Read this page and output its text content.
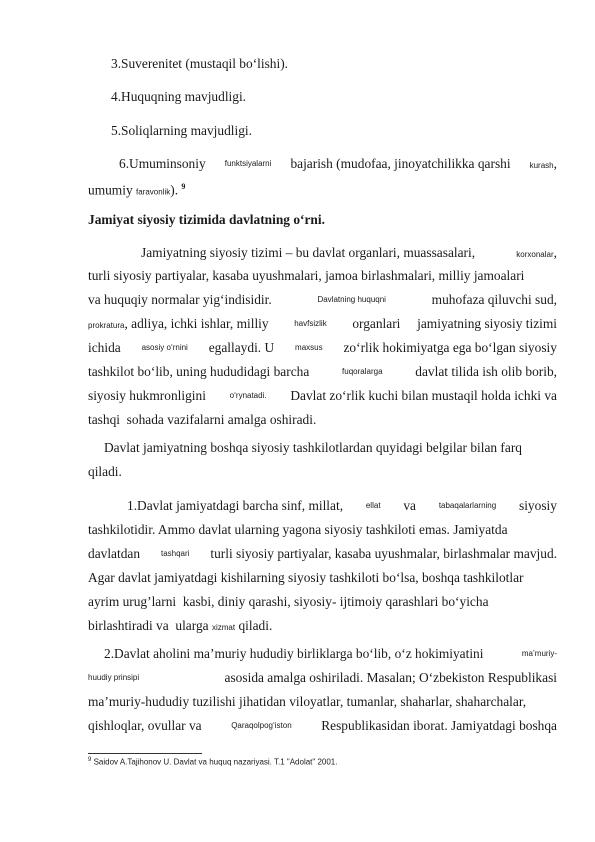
3.Suverenitet (mustaqil bo‘lishi).
4.Huquqning mavjudligi.
5.Soliqlarning mavjudligi.
6.Umuminsoniy funktsiyalarni bajarish (mudofaa, jinoyatchilikka qarshi kurash,
umumiy faravonlik). $^9$
Jamiyat siyosiy tizimida davlatning o‘rni.
Jamiyatning siyosiy tizimi – bu davlat organlari, muassasalari,	korxonalar,
turli siyosiy partiyalar, kasaba uyushmalari, jamoa birlashmalari, milliy jamoalari
va huquqiy normalar yig‘indisidir.	Davlatning huquqni	muhofaza qiluvchi sud,
prokratura, adliya, ichki ishlar, milliy	havfsizlik organlari     jamiyatning siyosiy tizimi
ichida	asosiy o‘rnini egallaydi. U	maxsus zo‘rlik hokimiyatga ega bo‘lgan siyosiy
tashkilot bo‘lib, uning hududidagi barcha	fuqoralarga davlat tilida ish olib borib,
siyosiy hukmronligini	o‘rynatadi. Davlat zo‘rlik kuchi bilan mustaqil holda ichki va
tashqi  sohada vazifalarni amalga oshiradi.
Davlat jamiyatning boshqa siyosiy tashkilotlardan quyidagi belgilar bilan farq
qiladi.
1.Davlat jamiyatdagi barcha sinf, millat,	ellat va	tabaqalarlarning siyosiy
tashkilotidir. Ammo davlat ularning yagona siyosiy tashkiloti emas. Jamiyatda
davlatdan	tashqari turli siyosiy partiyalar, kasaba uyushmalar, birlashmalar mavjud.
Agar davlat jamiyatdagi kishilarning siyosiy tashkiloti bo‘lsa, boshqa tashkilotlar
ayrim urug’larni  kasbi, diniy qarashi, siyosiy- ijtimoiy qarashlari bo‘yicha
birlashtiradi va  ularga xizmat qiladi.
2.Davlat aholini ma’muriy hududiy birliklarga bo‘lib, o‘z hokimiyatini	ma’muriy-
huudiy prinsipi	asosida amalga oshiriladi. Masalan; O‘zbekiston Respublikasi
ma’muriy-hududiy tuzilishi jihatidan viloyatlar, tumanlar, shaharlar, shaharchalar,
qishloqlar, ovullar va	Qaraqolpog‘iston Respublikasidan iborat. Jamiyatdagi boshqa
$^9$ Saidov A.Tajihonov U. Davlat va huquq nazariyasi. T.1 "Adolat" 2001.
